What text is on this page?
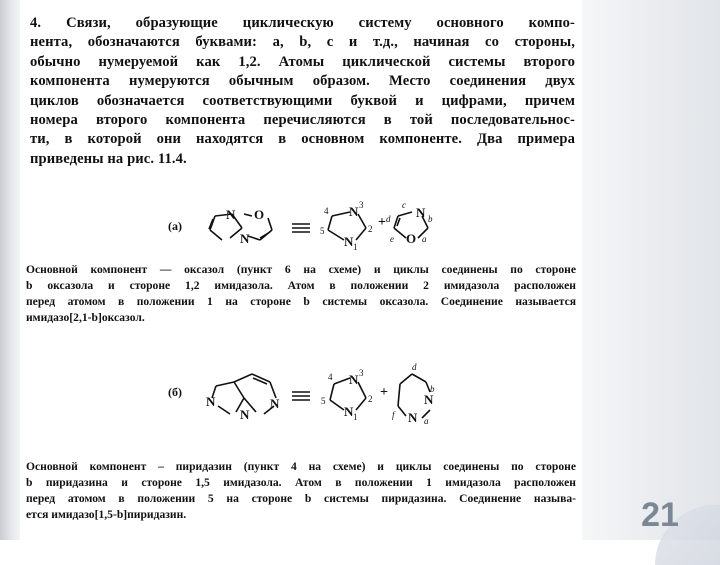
4. Связи, образующие циклическую систему основного компо-
нента, обозначаются буквами: a, b, c и т.д., начиная со стороны,
обычно нумеруемой как 1,2. Атомы циклической системы второго
компонента нумеруются обычным образом. Место соединения двух
циклов обозначается соответствующими буквой и цифрами, причем
номера второго компонента перечисляются в той последовательнос-
ти, в которой они находятся в основном компоненте. Два примера
приведены на рис. 11.4.
(a)
N O
N
N
N
3
4
5	2
1
+
N
O
c
d	b
e	a
Основной компонент — оксазол (пункт 6 на схеме) и циклы соединены по стороне
b оксазола и стороне 1,2 имидазола. Атом в положении 2 имидазола расположен
перед атомом в положении 1 на стороне b системы оксазола. Соединение называется
имидазо[2,1-b]оксазол.
(б)
N
N
N
N
N
3
4
5	2
1
+	N
N
d
b
f
a
Основной компонент – пиридазин (пункт 4 на схеме) и циклы соединены по стороне
b пиридазина и стороне 1,5 имидазола. Атом в положении 1 имидазола расположен
перед атомом в положении 5 на стороне b системы пиридазина. Соединение называ-
ется имидазо[1,5-b]пиридазин.	21
